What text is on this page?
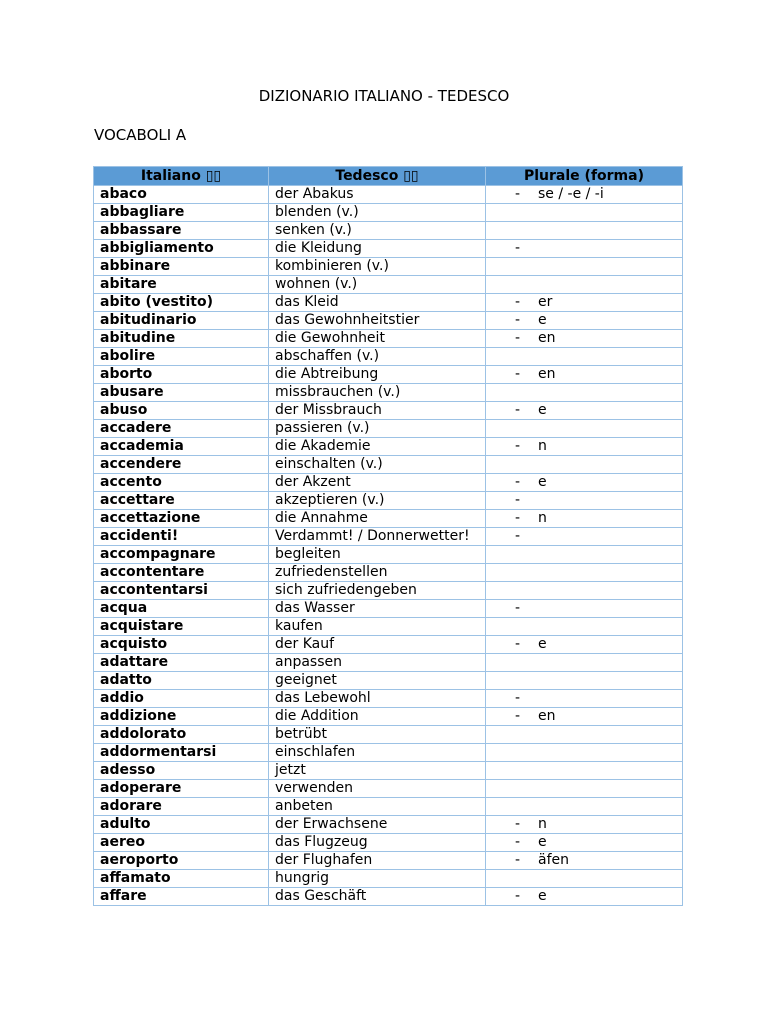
DIZIONARIO ITALIANO - TEDESCO
VOCABOLI A
Italiano ▯▯	Tedesco ▯▯	Plurale (forma)
abaco	der Abakus	- se / -e / -i
abbagliare	blenden (v.)	
abbassare	senken (v.)	
abbigliamento	die Kleidung	-
abbinare	kombinieren (v.)	
abitare	wohnen (v.)	
abito (vestito)	das Kleid	- er
abitudinario	das Gewohnheitstier	- e
abitudine	die Gewohnheit	- en
abolire	abschaffen (v.)	
aborto	die Abtreibung	- en
abusare	missbrauchen (v.)	
abuso	der Missbrauch	- e
accadere	passieren (v.)	
accademia	die Akademie	- n
accendere	einschalten (v.)	
accento	der Akzent	- e
accettare	akzeptieren (v.)	-
accettazione	die Annahme	- n
accidenti!	Verdammt! / Donnerwetter!	-
accompagnare	begleiten	
accontentare	zufriedenstellen	
accontentarsi	sich zufriedengeben	
acqua	das Wasser	-
acquistare	kaufen	
acquisto	der Kauf	- e
adattare	anpassen	
adatto	geeignet	
addio	das Lebewohl	-
addizione	die Addition	- en
addolorato	betrübt	
addormentarsi	einschlafen	
adesso	jetzt	
adoperare	verwenden	
adorare	anbeten	
adulto	der Erwachsene	- n
aereo	das Flugzeug	- e
aeroporto	der Flughafen	- äfen
affamato	hungrig	
affare	das Geschäft	- e
